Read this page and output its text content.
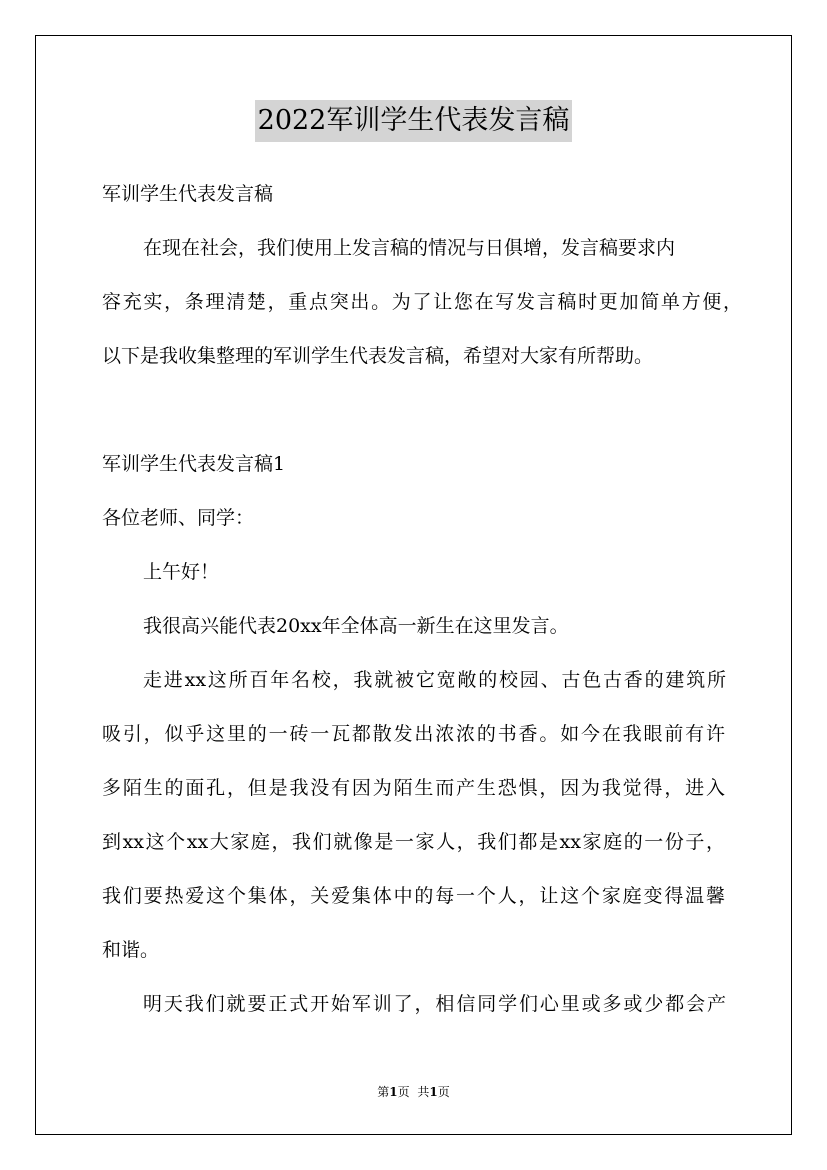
2022军训学生代表发言稿
军训学生代表发言稿
在现在社会，我们使用上发言稿的情况与日俱增，发言稿要求内
容充实，条理清楚，重点突出。为了让您在写发言稿时更加简单方便，
以下是我收集整理的军训学生代表发言稿，希望对大家有所帮助。
军训学生代表发言稿1
各位老师、同学：
上午好！
我很高兴能代表20xx年全体高一新生在这里发言。
走进xx这所百年名校，我就被它宽敞的校园、古色古香的建筑所
吸引，似乎这里的一砖一瓦都散发出浓浓的书香。如今在我眼前有许
多陌生的面孔，但是我没有因为陌生而产生恐惧，因为我觉得，进入
到xx这个xx大家庭，我们就像是一家人，我们都是xx家庭的一份子，
我们要热爱这个集体，关爱集体中的每一个人，让这个家庭变得温馨
和谐。
明天我们就要正式开始军训了，相信同学们心里或多或少都会产
第1页 共1页
